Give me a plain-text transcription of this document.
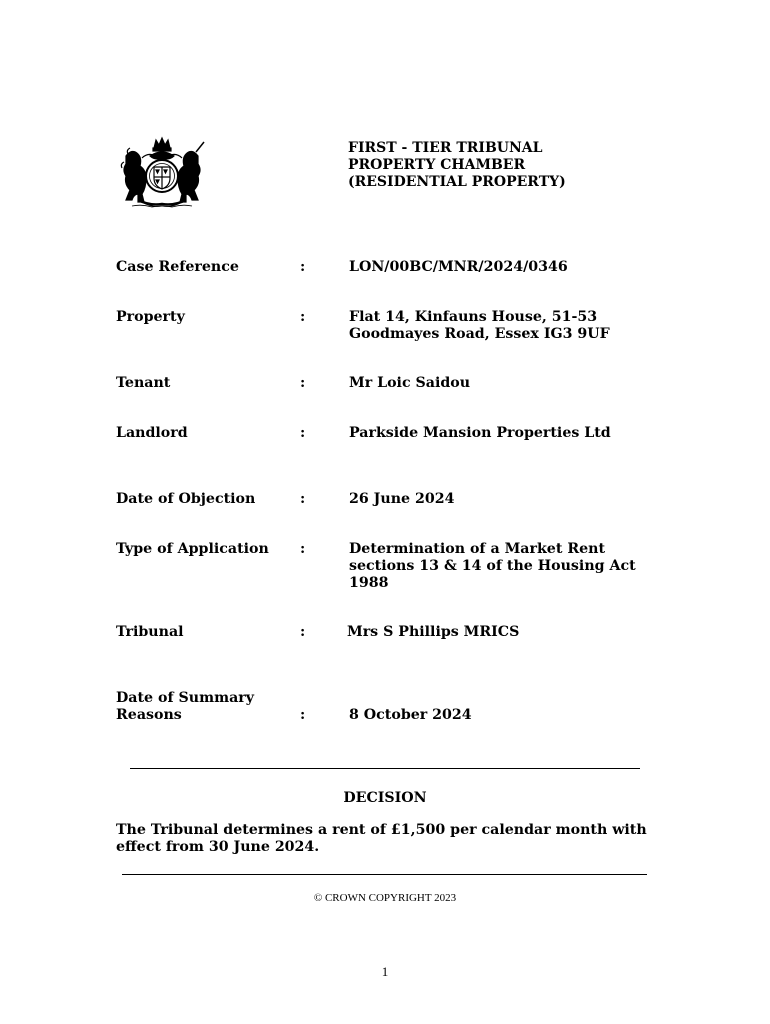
FIRST - TIER TRIBUNAL
PROPERTY CHAMBER
(RESIDENTIAL PROPERTY)
Case Reference	:	LON/00BC/MNR/2024/0346
Property	:	Flat 14, Kinfauns House, 51-53
Goodmayes Road, Essex IG3 9UF
Tenant	:	Mr Loic Saidou
Landlord	:	Parkside Mansion Properties Ltd
Date of Objection	:	26 June 2024
Type of Application :	Determination of a Market Rent
sections 13 & 14 of the Housing Act
1988
Tribunal	:	Mrs S Phillips MRICS
Date of Summary
Reasons	:	8 October 2024
DECISION
The Tribunal determines a rent of £1,500 per calendar month with
effect from 30 June 2024.
© CROWN COPYRIGHT 2023
1
